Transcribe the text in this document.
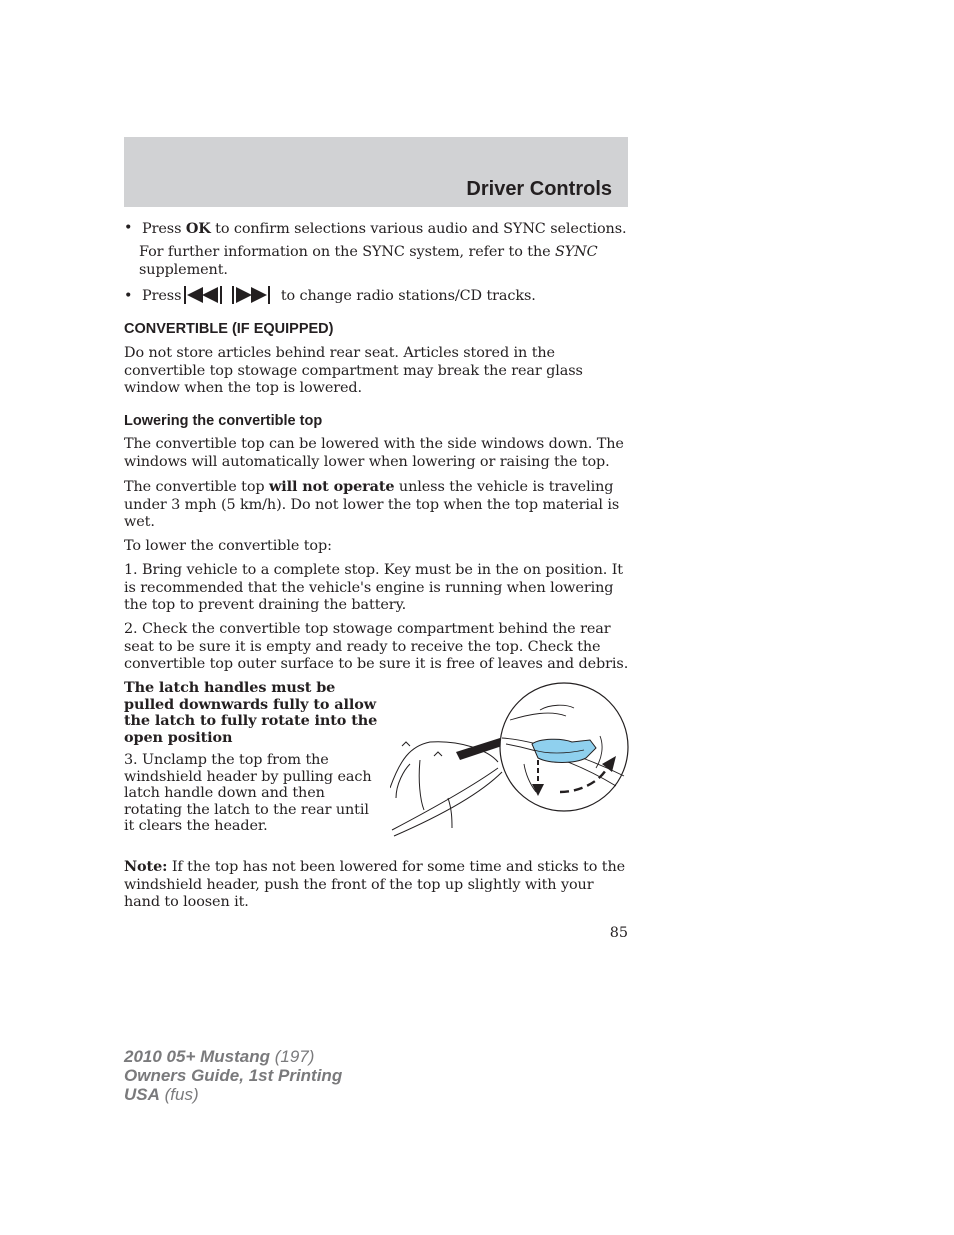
Driver Controls
• Press OK to confirm selections various audio and SYNC selections.

For further information on the SYNC system, refer to the SYNC
supplement.

• Press	to change radio stations/CD tracks.

CONVERTIBLE (IF EQUIPPED)

Do not store articles behind rear seat. Articles stored in the convertible top stowage compartment may break the rear glass window when the top is lowered.

Lowering the convertible top

The convertible top can be lowered with the side windows down. The windows will automatically lower when lowering or raising the top.

The convertible top will not operate unless the vehicle is traveling under 3 mph (5 km/h). Do not lower the top when the top material is wet.

To lower the convertible top:

1. Bring vehicle to a complete stop. Key must be in the on position. It is recommended that the vehicle's engine is running when lowering the top to prevent draining the battery.

2. Check the convertible top stowage compartment behind the rear seat to be sure it is empty and ready to receive the top. Check the convertible top outer surface to be sure it is free of leaves and debris.

The latch handles must be pulled downwards fully to allow the latch to fully rotate into the open position

3. Unclamp the top from the windshield header by pulling each latch handle down and then rotating the latch to the rear until it clears the header.

Note: If the top has not been lowered for some time and sticks to the windshield header, push the front of the top up slightly with your hand to loosen it.

85
2010 05+ Mustang (197)
Owners Guide, 1st Printing
USA (fus)
